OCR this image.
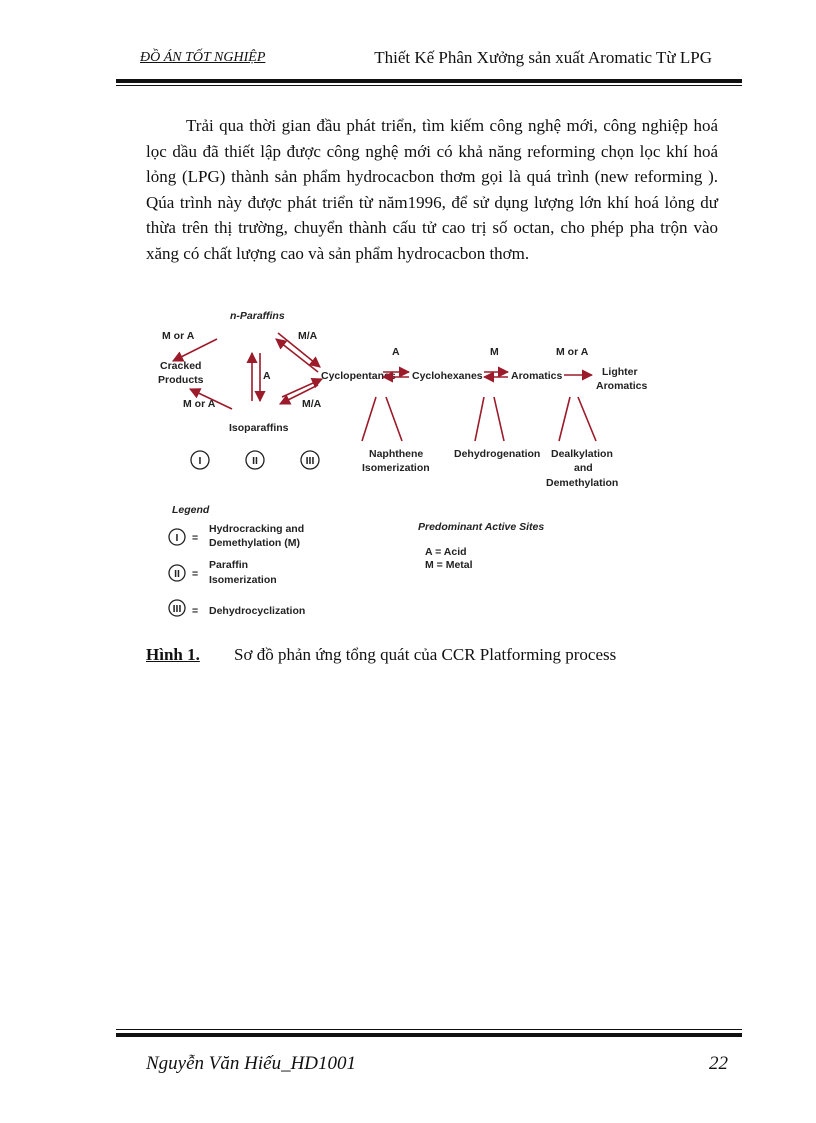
ĐỒ ÁN TỐT NGHIỆP	Thiết Kế Phân Xưởng sản xuất Aromatic Từ LPG

Trải qua thời gian đầu phát triển, tìm kiếm công nghệ mới, công nghiệp hoá lọc dầu đã thiết lập được công nghệ mới có khả năng reforming chọn lọc khí hoá lỏng (LPG) thành sản phẩm hydrocacbon thơm gọi là quá trình (new reforming ). Qúa trình này được phát triển từ năm1996, để sử dụng lượng lớn khí hoá lỏng dư thừa trên thị trường, chuyển thành cấu tử cao trị số octan, cho phép pha trộn vào xăng có chất lượng cao và sản phẩm hydrocacbon thơm.

n-Paraffins
M or A	M/A
Cracked
Products	A
M or A	M/A
Isoparaffins
Cyclopentanes Cyclohexanes	Aromatics	Lighter
Aromatics
A	M	M or A
Naphthene
Isomerization
Dehydrogenation Dealkylation
and
Demethylation
I	II	III
Legend
I =
Hydrocracking and
Demethylation (M)
II =
Paraffin
Isomerization
III = Dehydrocyclization
Predominant Active Sites
A = Acid
M = Metal
Hình 1. Sơ đồ phản ứng tổng quát của CCR Platforming process
Nguyễn Văn Hiếu_HD1001	22
